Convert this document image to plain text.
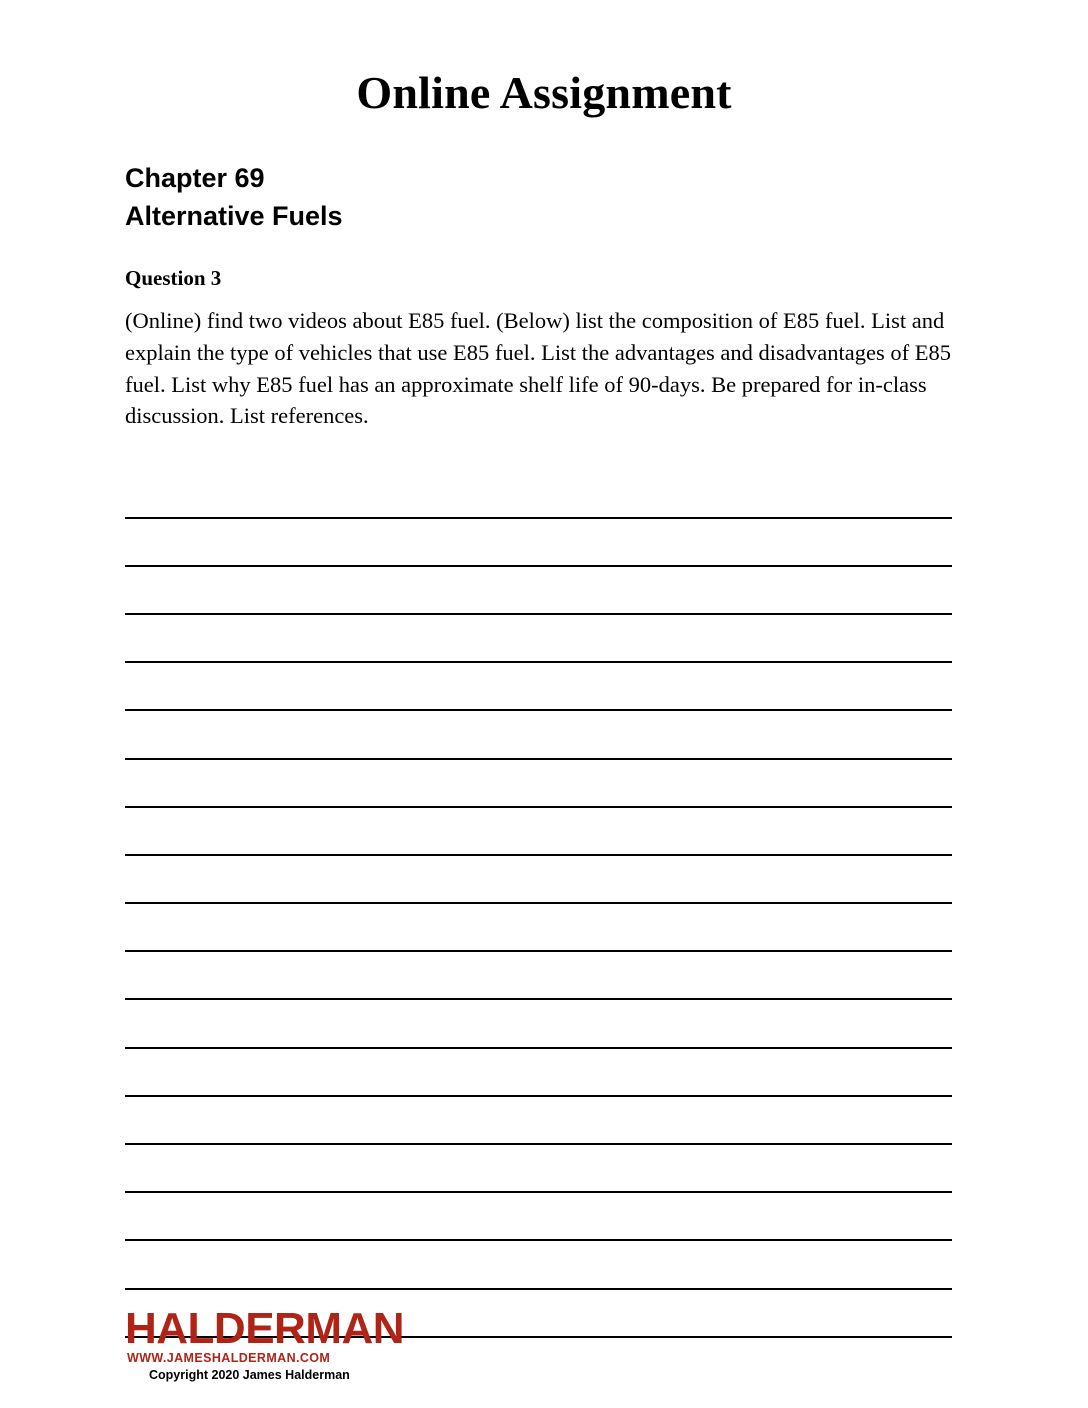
Online Assignment
Chapter 69
Alternative Fuels
Question 3
(Online) find two videos about E85 fuel. (Below) list the composition of E85 fuel. List and explain the type of vehicles that use E85 fuel. List the advantages and disadvantages of E85 fuel. List why E85 fuel has an approximate shelf life of 90-days. Be prepared for in-class discussion. List references.
HALDERMAN
WWW.JAMESHALDERMAN.COM
Copyright 2020 James Halderman
